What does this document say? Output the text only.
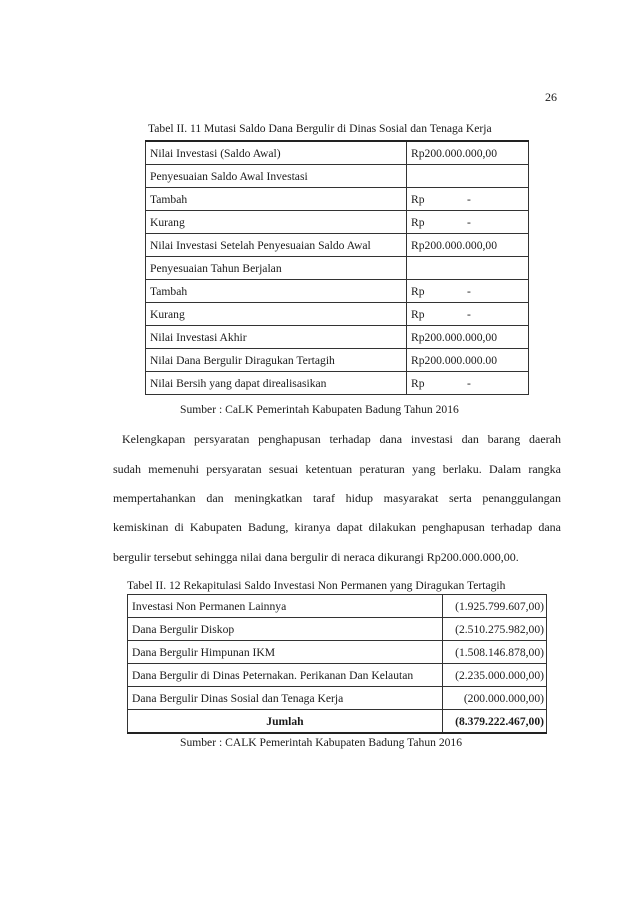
26
Tabel II. 11 Mutasi Saldo Dana Bergulir di Dinas Sosial dan Tenaga Kerja
Nilai Investasi (Saldo Awal)	Rp200.000.000,00
Penyesuaian Saldo Awal Investasi	
Tambah	Rp -
Kurang	Rp -
Nilai Investasi Setelah Penyesuaian Saldo Awal	Rp200.000.000,00
Penyesuaian Tahun Berjalan	
Tambah	Rp -
Kurang	Rp -
Nilai Investasi Akhir	Rp200.000.000,00
Nilai Dana Bergulir Diragukan Tertagih	Rp200.000.000.00
Nilai Bersih yang dapat direalisasikan	Rp -
Sumber : CaLK Pemerintah Kabupaten Badung Tahun 2016
Kelengkapan persyaratan penghapusan terhadap dana investasi dan barang daerah
sudah memenuhi persyaratan sesuai ketentuan peraturan yang berlaku. Dalam rangka
mempertahankan dan meningkatkan taraf hidup masyarakat serta penanggulangan
kemiskinan di Kabupaten Badung, kiranya dapat dilakukan penghapusan terhadap dana
bergulir tersebut sehingga nilai dana bergulir di neraca dikurangi Rp200.000.000,00.
Tabel II. 12 Rekapitulasi Saldo Investasi Non Permanen yang Diragukan Tertagih
Investasi Non Permanen Lainnya	(1.925.799.607,00)
Dana Bergulir Diskop	(2.510.275.982,00)
Dana Bergulir Himpunan IKM	(1.508.146.878,00)
Dana Bergulir di Dinas Peternakan. Perikanan Dan Kelautan	(2.235.000.000,00)
Dana Bergulir Dinas Sosial dan Tenaga Kerja	(200.000.000,00)
Jumlah	(8.379.222.467,00)
Sumber : CALK Pemerintah Kabupaten Badung Tahun 2016
